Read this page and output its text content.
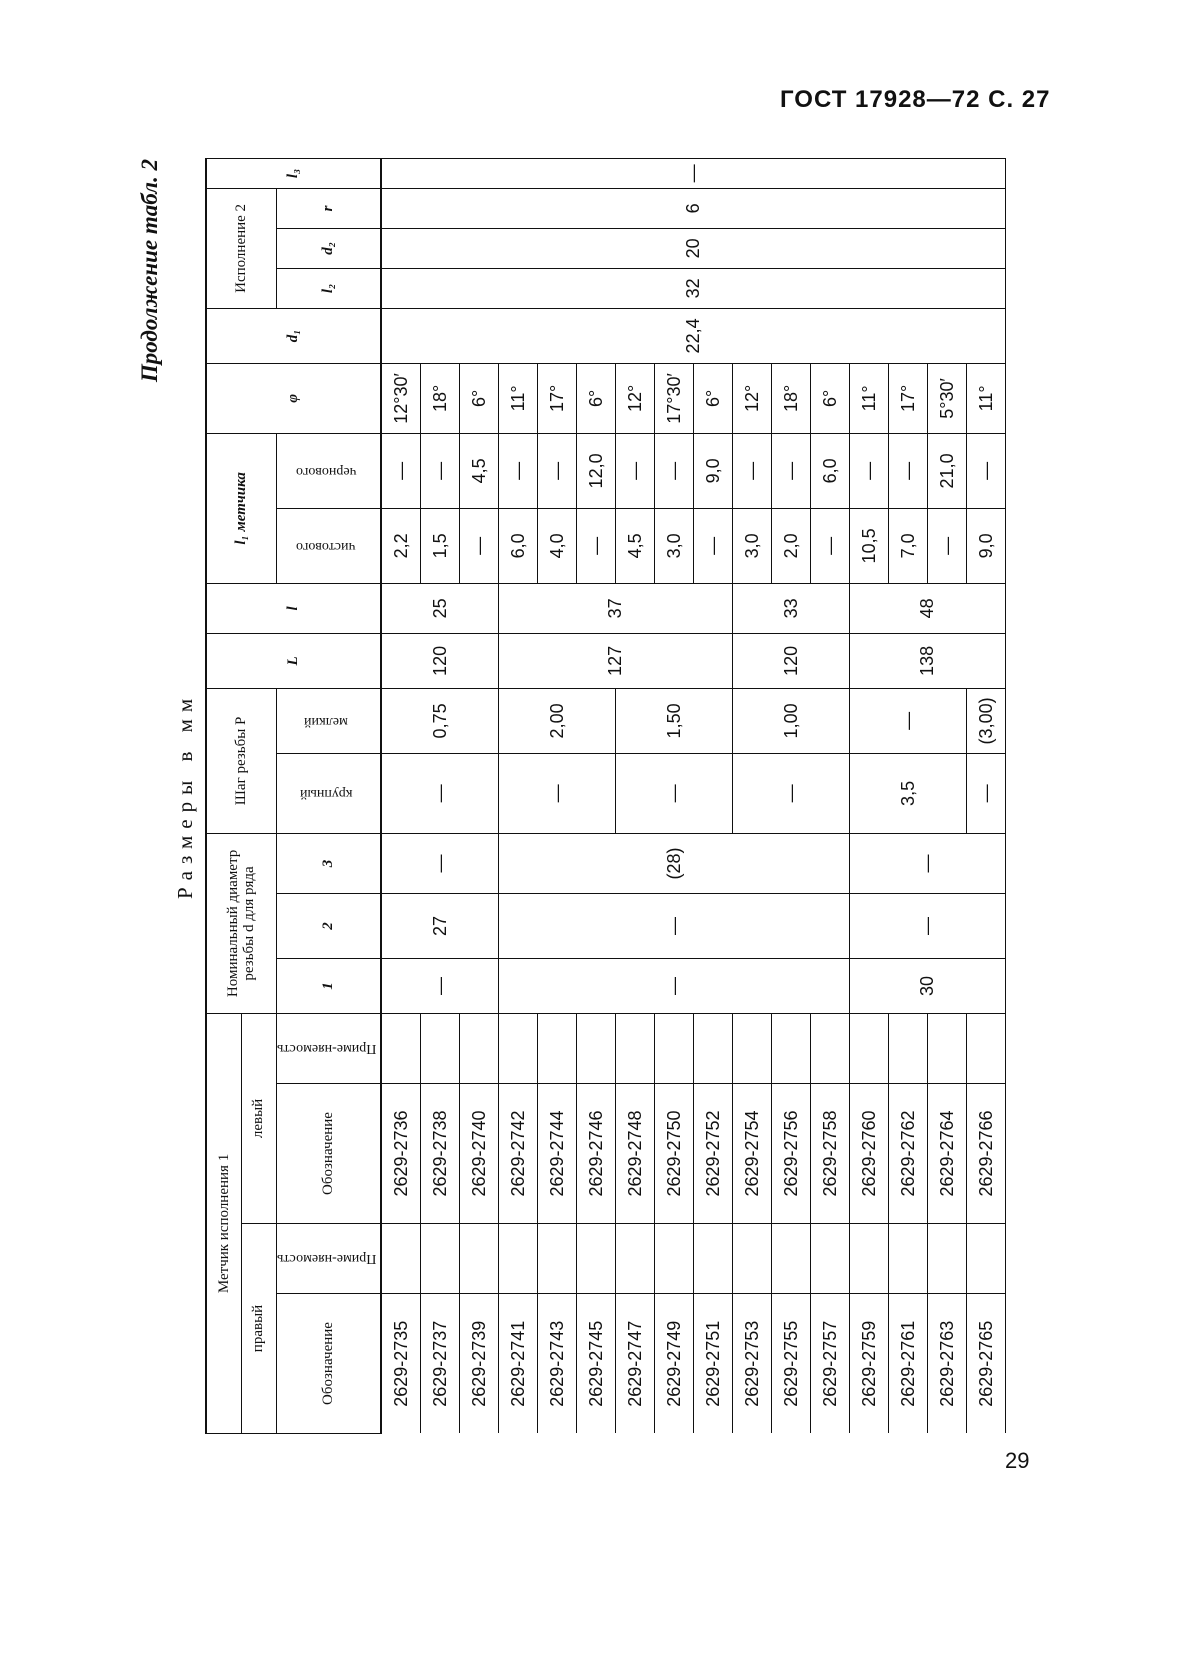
ГОСТ 17928—72 С. 27
Продолжение табл. 2
Размеры в мм
Метчик исполнения 1				Номинальный диаметр резьбы d для ряда			Шаг резьбы P		L	l	l₁ метчика		φ	d₁	Исполнение 2			l₃
правый		левый																
Обозначение	Приме-няемость	Обозначение	Приме-няемость	1	2	3	крупный	мелкий			чистового	чернового			l₂	d₂	r	
2629-2735		2629-2736		—	27	—	—	0,75	120	25	2,2	—	12°30′	22,4	32	20	6	—
2629-2737		2629-2738									1,5	—	18°					
2629-2739		2629-2740									—	4,5	6°					
2629-2741		2629-2742		—	—	(28)	—	2,00	127	37	6,0	—	11°					
2629-2743		2629-2744									4,0	—	17°					
2629-2745		2629-2746									—	12,0	6°					
2629-2747		2629-2748					—	1,50			4,5	—	12°					
2629-2749		2629-2750									3,0	—	17°30′					
2629-2751		2629-2752									—	9,0	6°					
2629-2753		2629-2754					—	1,00	120	33	3,0	—	12°					
2629-2755		2629-2756									2,0	—	18°					
2629-2757		2629-2758									—	6,0	6°					
2629-2759		2629-2760		30	—	—	3,5	—	138	48	10,5	—	11°					
2629-2761		2629-2762									7,0	—	17°					
2629-2763		2629-2764									—	21,0	5°30′					
2629-2765		2629-2766					—	(3,00)			9,0	—	11°					
29
